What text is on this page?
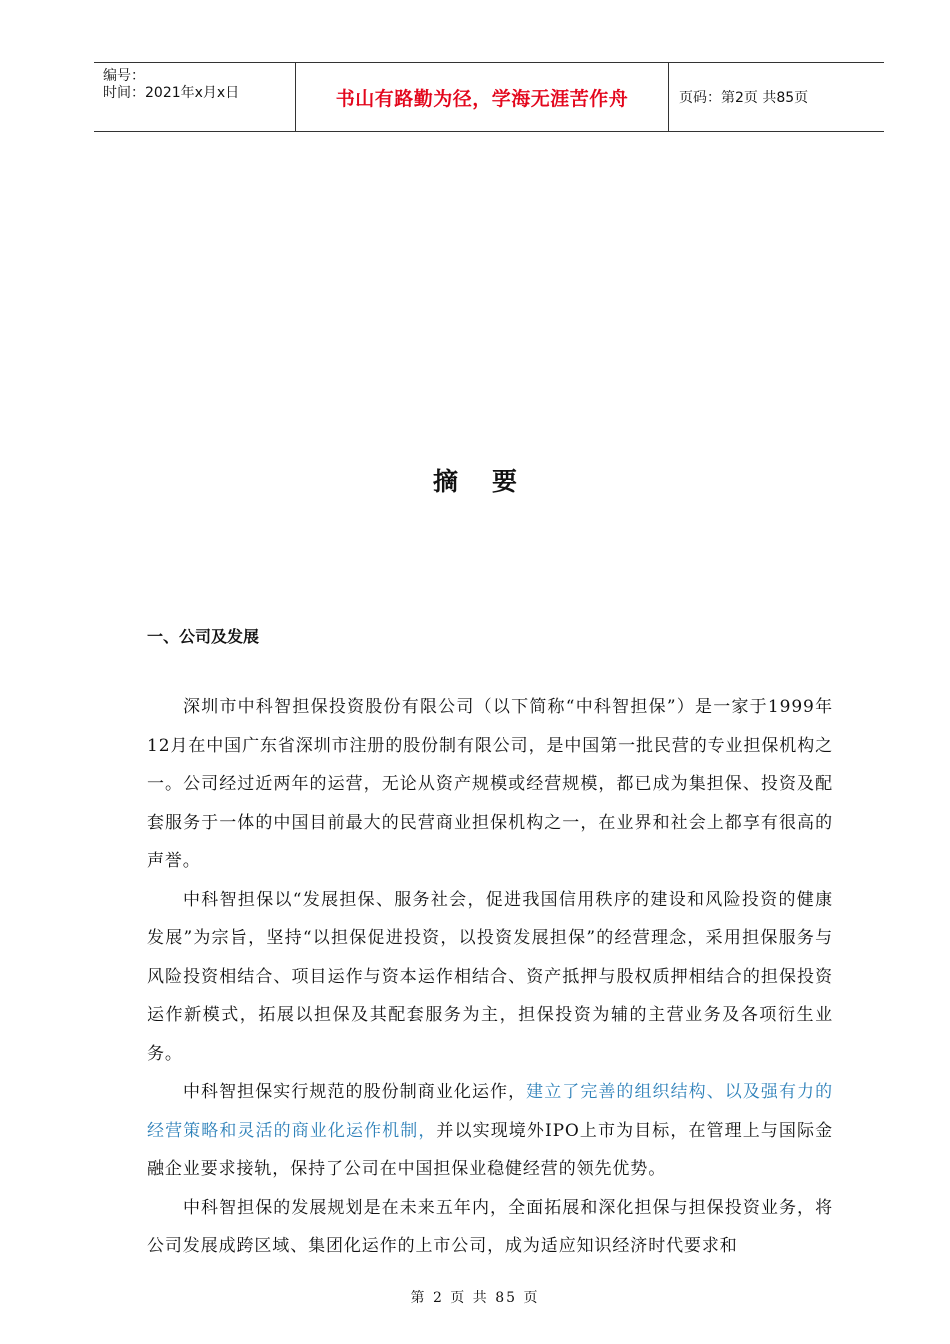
编号：
时间：2021年x月x日	书山有路勤为径，学海无涯苦作舟	页码：第2页 共85页
摘要
一、公司及发展

深圳市中科智担保投资股份有限公司（以下简称“中科智担保”）是一家于1999年12月在中国广东省深圳市注册的股份制有限公司，是中国第一批民营的专业担保机构之一。公司经过近两年的运营，无论从资产规模或经营规模，都已成为集担保、投资及配套服务于一体的中国目前最大的民营商业担保机构之一，在业界和社会上都享有很高的声誉。

中科智担保以“发展担保、服务社会，促进我国信用秩序的建设和风险投资的健康发展”为宗旨，坚持“以担保促进投资，以投资发展担保”的经营理念，采用担保服务与风险投资相结合、项目运作与资本运作相结合、资产抵押与股权质押相结合的担保投资运作新模式，拓展以担保及其配套服务为主，担保投资为辅的主营业务及各项衍生业务。

中科智担保实行规范的股份制商业化运作，建立了完善的组织结构、以及强有力的经营策略和灵活的商业化运作机制，并以实现境外IPO上市为目标，在管理上与国际金融企业要求接轨，保持了公司在中国担保业稳健经营的领先优势。

中科智担保的发展规划是在未来五年内，全面拓展和深化担保与担保投资业务，将公司发展成跨区域、集团化运作的上市公司，成为适应知识经济时代要求和

第 2 页 共 85 页
